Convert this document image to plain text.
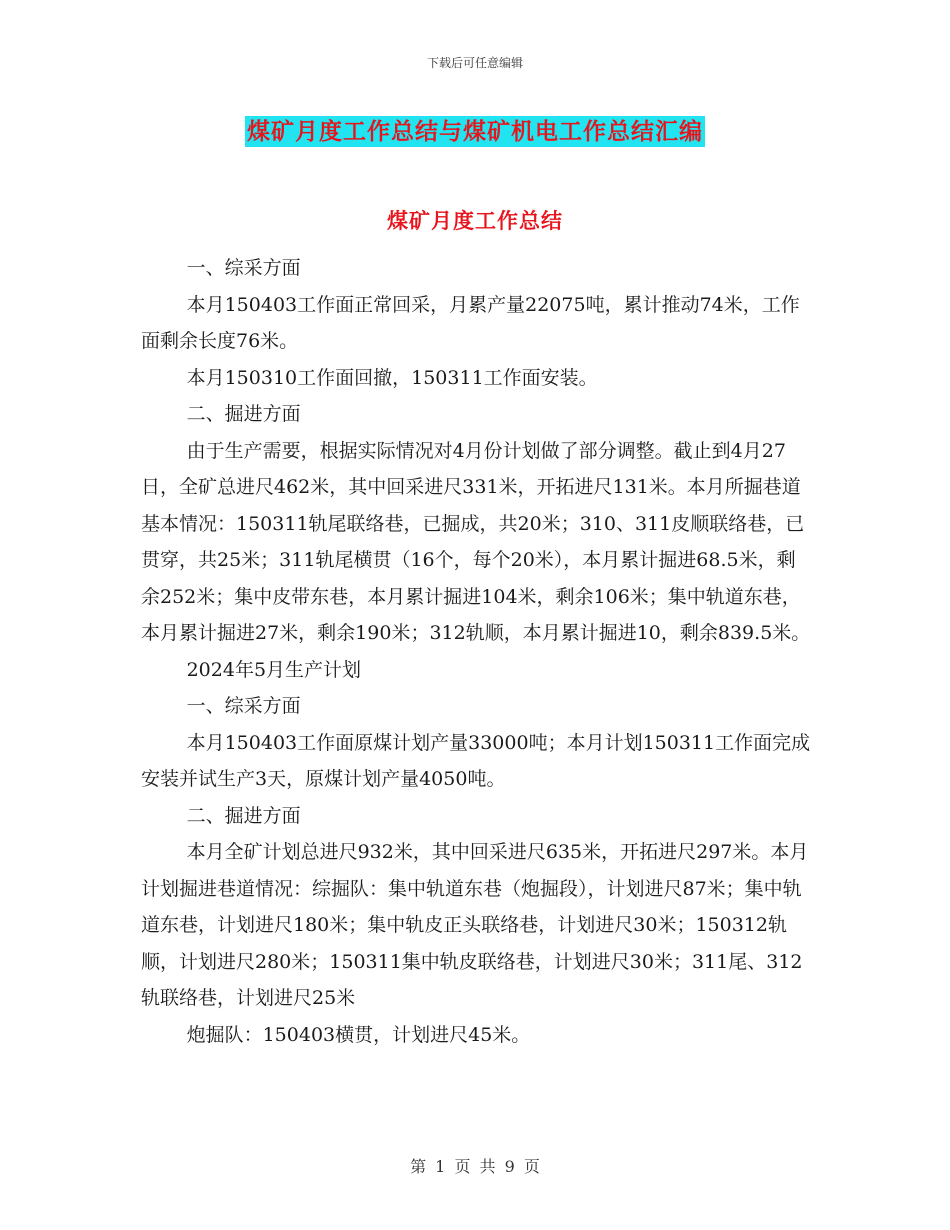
下载后可任意编辑
煤矿月度工作总结与煤矿机电工作总结汇编
煤矿月度工作总结

一、综采方面

本月150403工作面正常回采，月累产量22075吨，累计推动74米，工作面剩余长度76米。

本月150310工作面回撤，150311工作面安装。

二、掘进方面

由于生产需要，根据实际情况对4月份计划做了部分调整。截止到4月27日，全矿总进尺462米，其中回采进尺331米，开拓进尺131米。本月所掘巷道基本情况：150311轨尾联络巷，已掘成，共20米；310、311皮顺联络巷，已贯穿，共25米；311轨尾横贯（16个，每个20米），本月累计掘进68.5米，剩余252米；集中皮带东巷，本月累计掘进104米，剩余106米；集中轨道东巷，本月累计掘进27米，剩余190米；312轨顺，本月累计掘进10，剩余839.5米。

2024年5月生产计划

一、综采方面

本月150403工作面原煤计划产量33000吨；本月计划150311工作面完成安装并试生产3天，原煤计划产量4050吨。

二、掘进方面

本月全矿计划总进尺932米，其中回采进尺635米，开拓进尺297米。本月计划掘进巷道情况：综掘队：集中轨道东巷（炮掘段），计划进尺87米；集中轨道东巷，计划进尺180米；集中轨皮正头联络巷，计划进尺30米；150312轨顺，计划进尺280米；150311集中轨皮联络巷，计划进尺30米；311尾、312轨联络巷，计划进尺25米

炮掘队：150403横贯，计划进尺45米。

第 1 页 共 9 页
